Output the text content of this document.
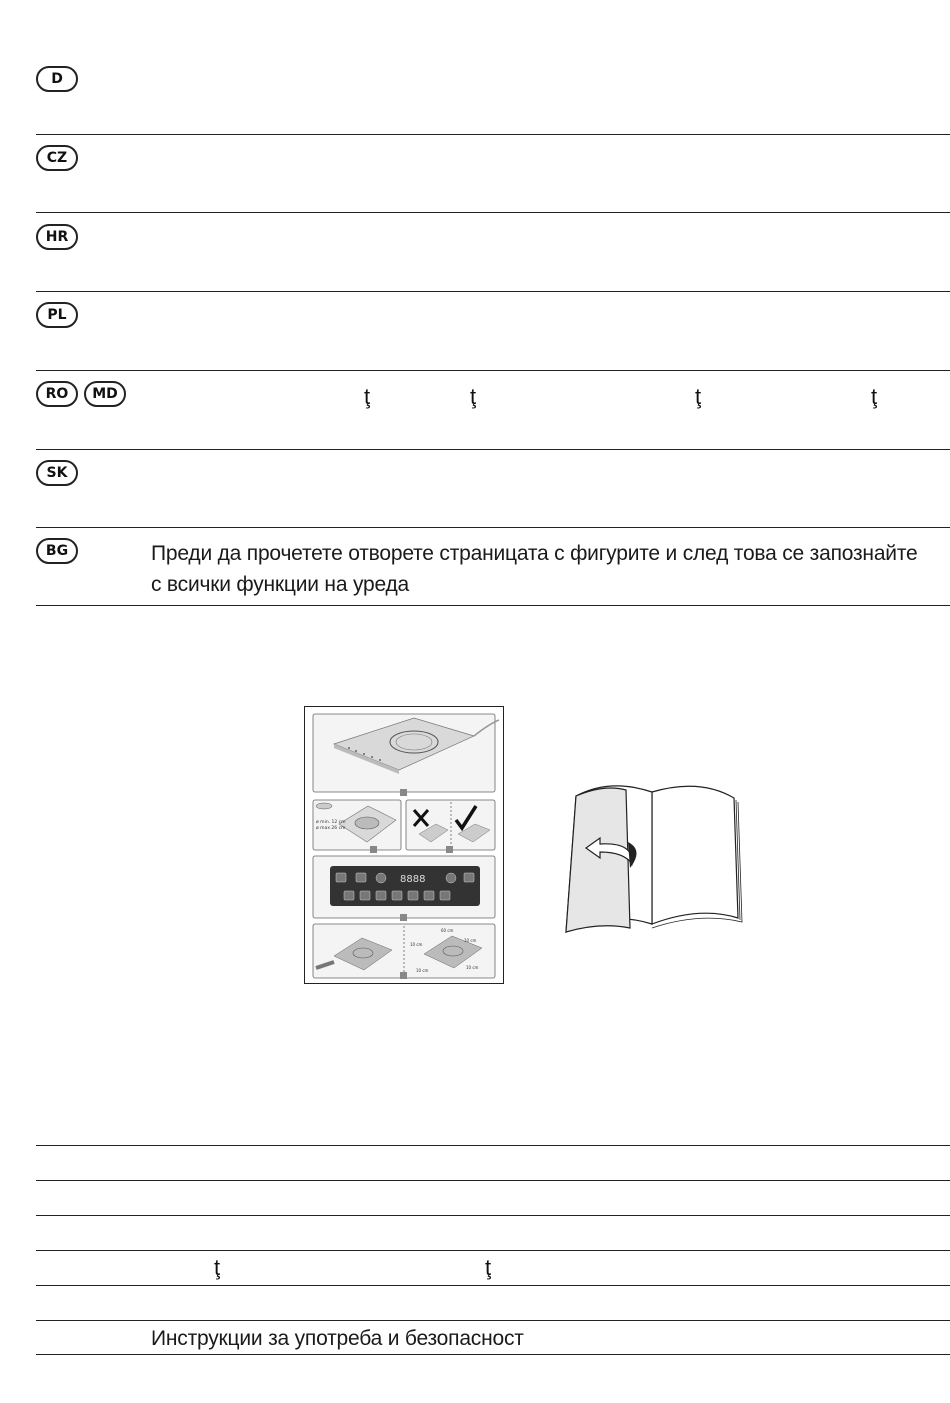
D
CZ
HR
PL
RO	MD	ţ	ţ	ţ	ţ
SK
BG	Преди да прочетете отворете страницата с фигурите и след това се запознайте
с всички функции на уреда
ø min. 12 cm
ø max 26 cm
8888
60 cm
10 cm
10 cm
10 cm
10 cm
ţ	ţ
Инструкции за употреба и безопасност
